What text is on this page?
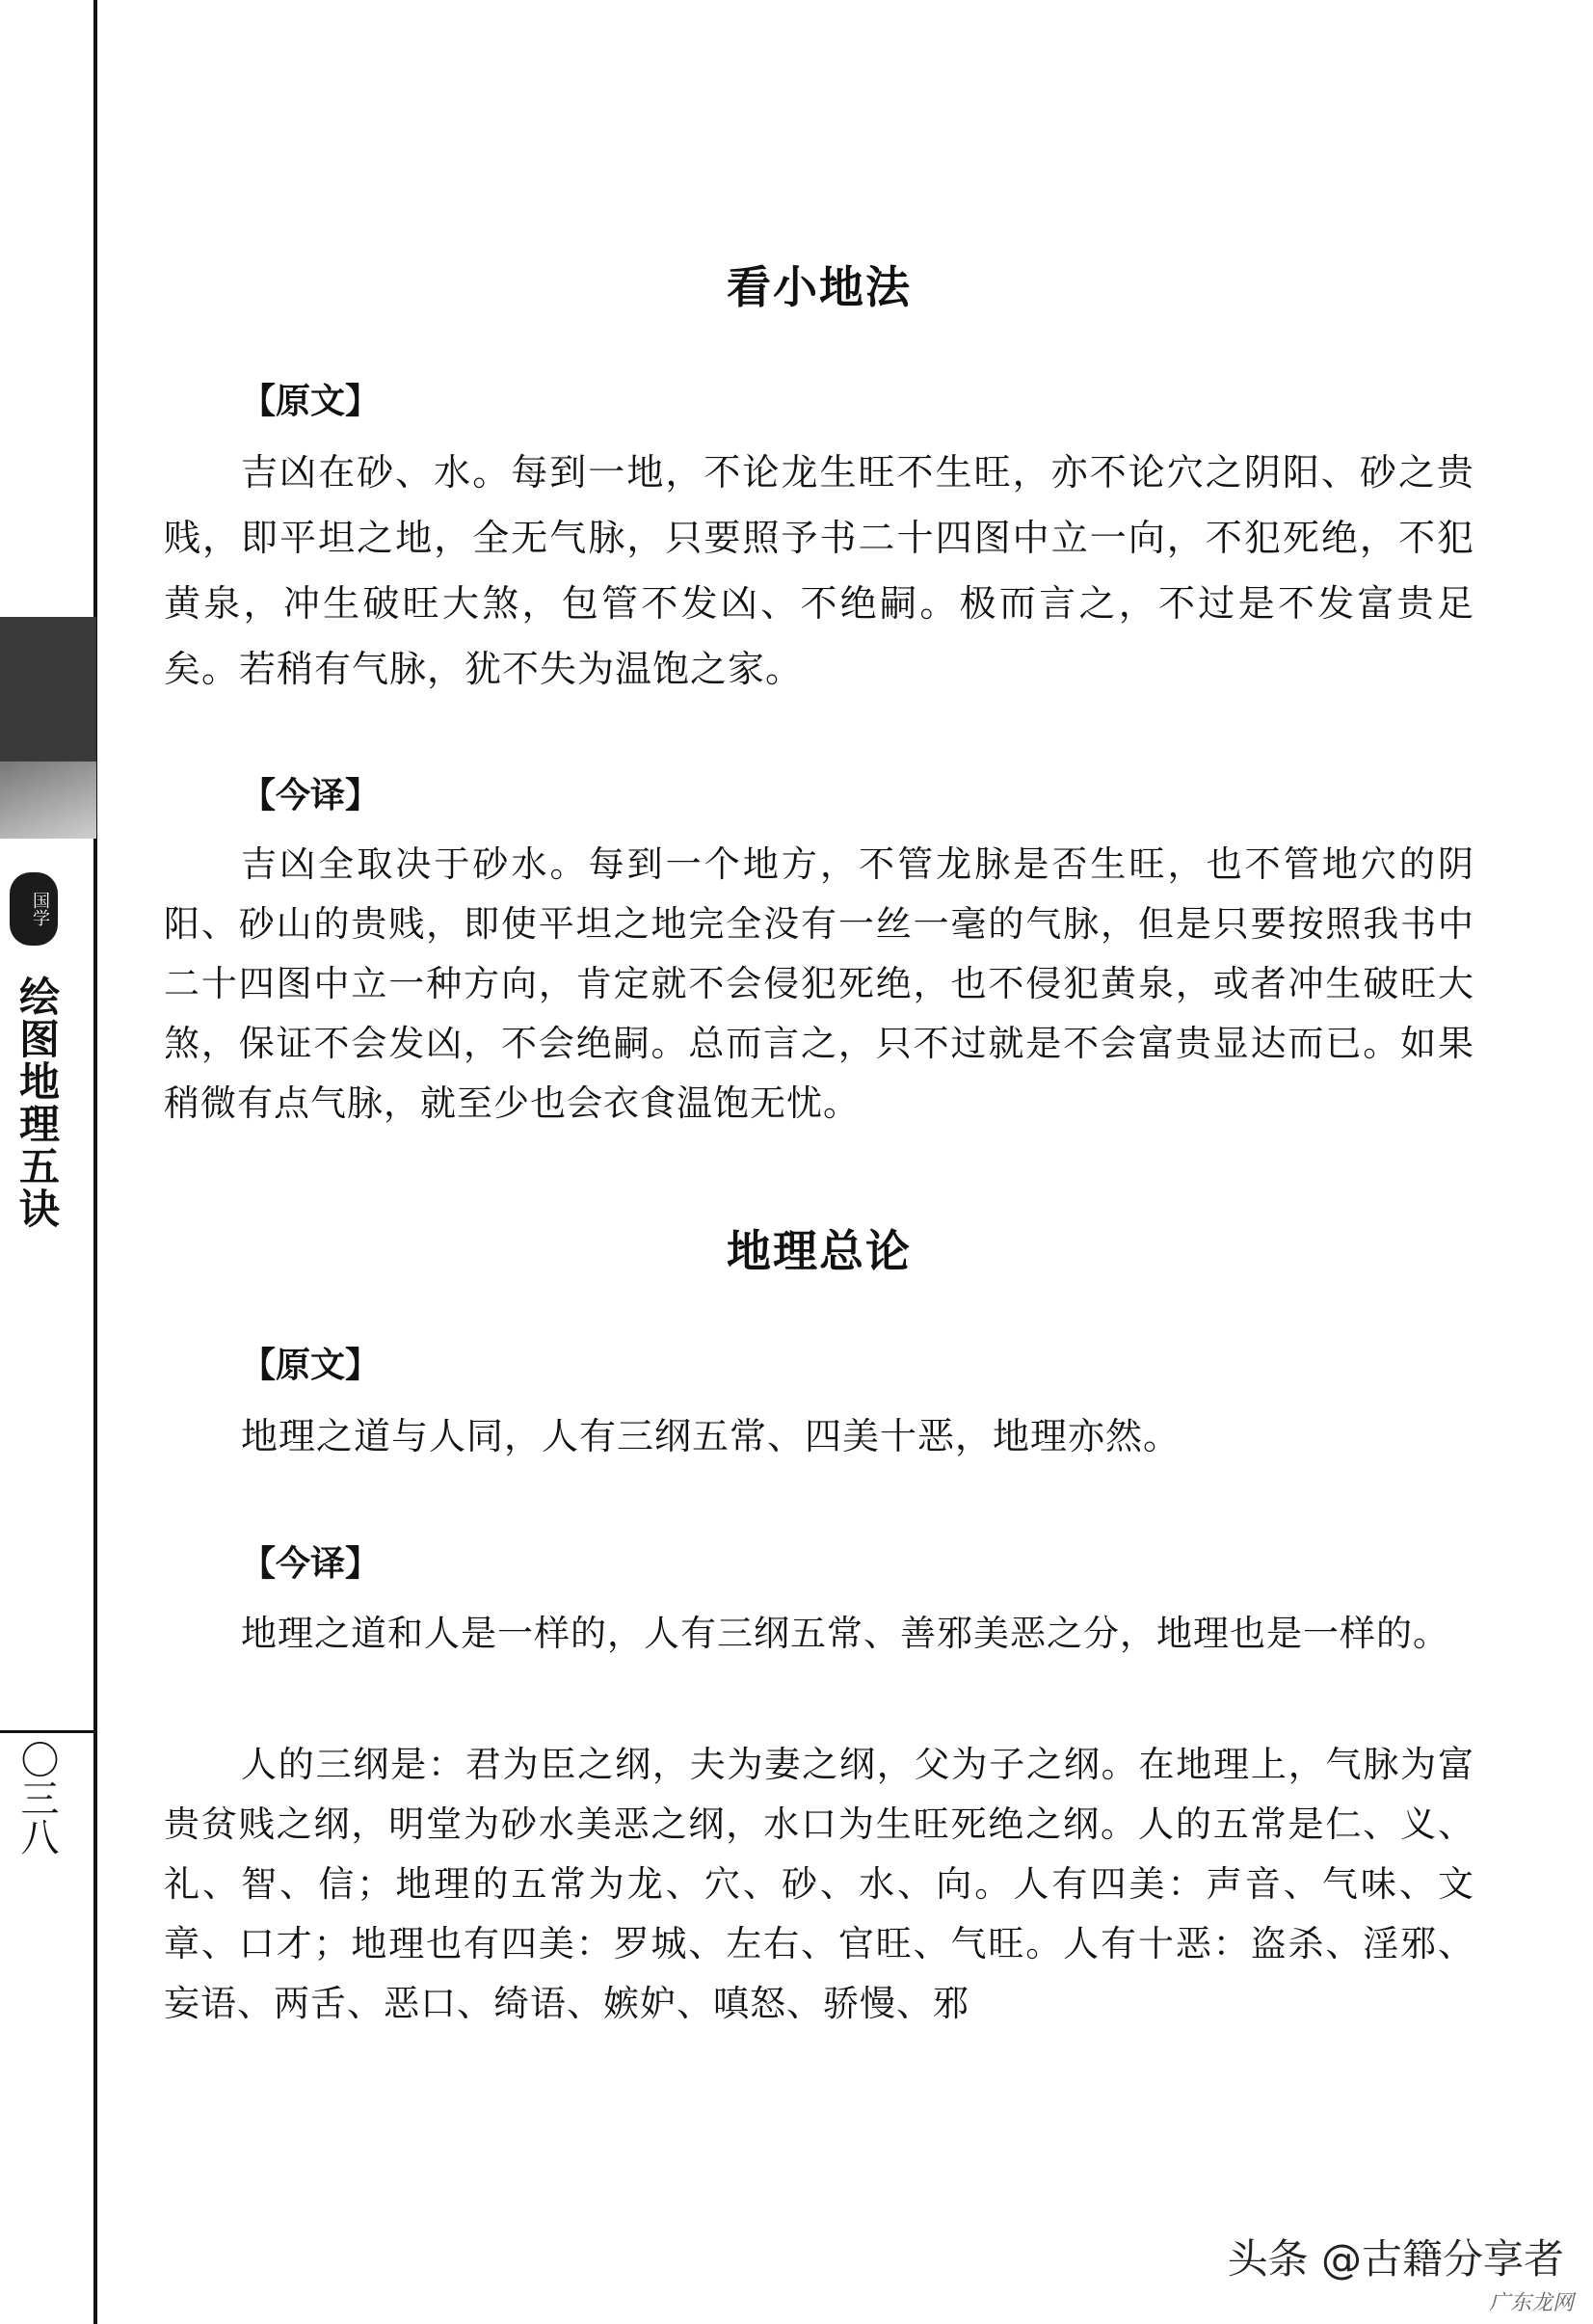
国学
绘图地理五诀
〇三八
看小地法
【原文】
吉凶在砂、水。每到一地，不论龙生旺不生旺，亦不论穴之阴阳、砂之贵贱，即平坦之地，全无气脉，只要照予书二十四图中立一向，不犯死绝，不犯黄泉，冲生破旺大煞，包管不发凶、不绝嗣。极而言之，不过是不发富贵足矣。若稍有气脉，犹不失为温饱之家。
【今译】
吉凶全取决于砂水。每到一个地方，不管龙脉是否生旺，也不管地穴的阴阳、砂山的贵贱，即使平坦之地完全没有一丝一毫的气脉，但是只要按照我书中二十四图中立一种方向，肯定就不会侵犯死绝，也不侵犯黄泉，或者冲生破旺大煞，保证不会发凶，不会绝嗣。总而言之，只不过就是不会富贵显达而已。如果稍微有点气脉，就至少也会衣食温饱无忧。
地理总论
【原文】
地理之道与人同，人有三纲五常、四美十恶，地理亦然。
【今译】
地理之道和人是一样的，人有三纲五常、善邪美恶之分，地理也是一样的。
人的三纲是：君为臣之纲，夫为妻之纲，父为子之纲。在地理上，气脉为富贵贫贱之纲，明堂为砂水美恶之纲，水口为生旺死绝之纲。人的五常是仁、义、礼、智、信；地理的五常为龙、穴、砂、水、向。人有四美：声音、气味、文章、口才；地理也有四美：罗城、左右、官旺、气旺。人有十恶：盗杀、淫邪、妄语、两舌、恶口、绮语、嫉妒、嗔怒、骄慢、邪
头条 @古籍分享者
广东龙网
